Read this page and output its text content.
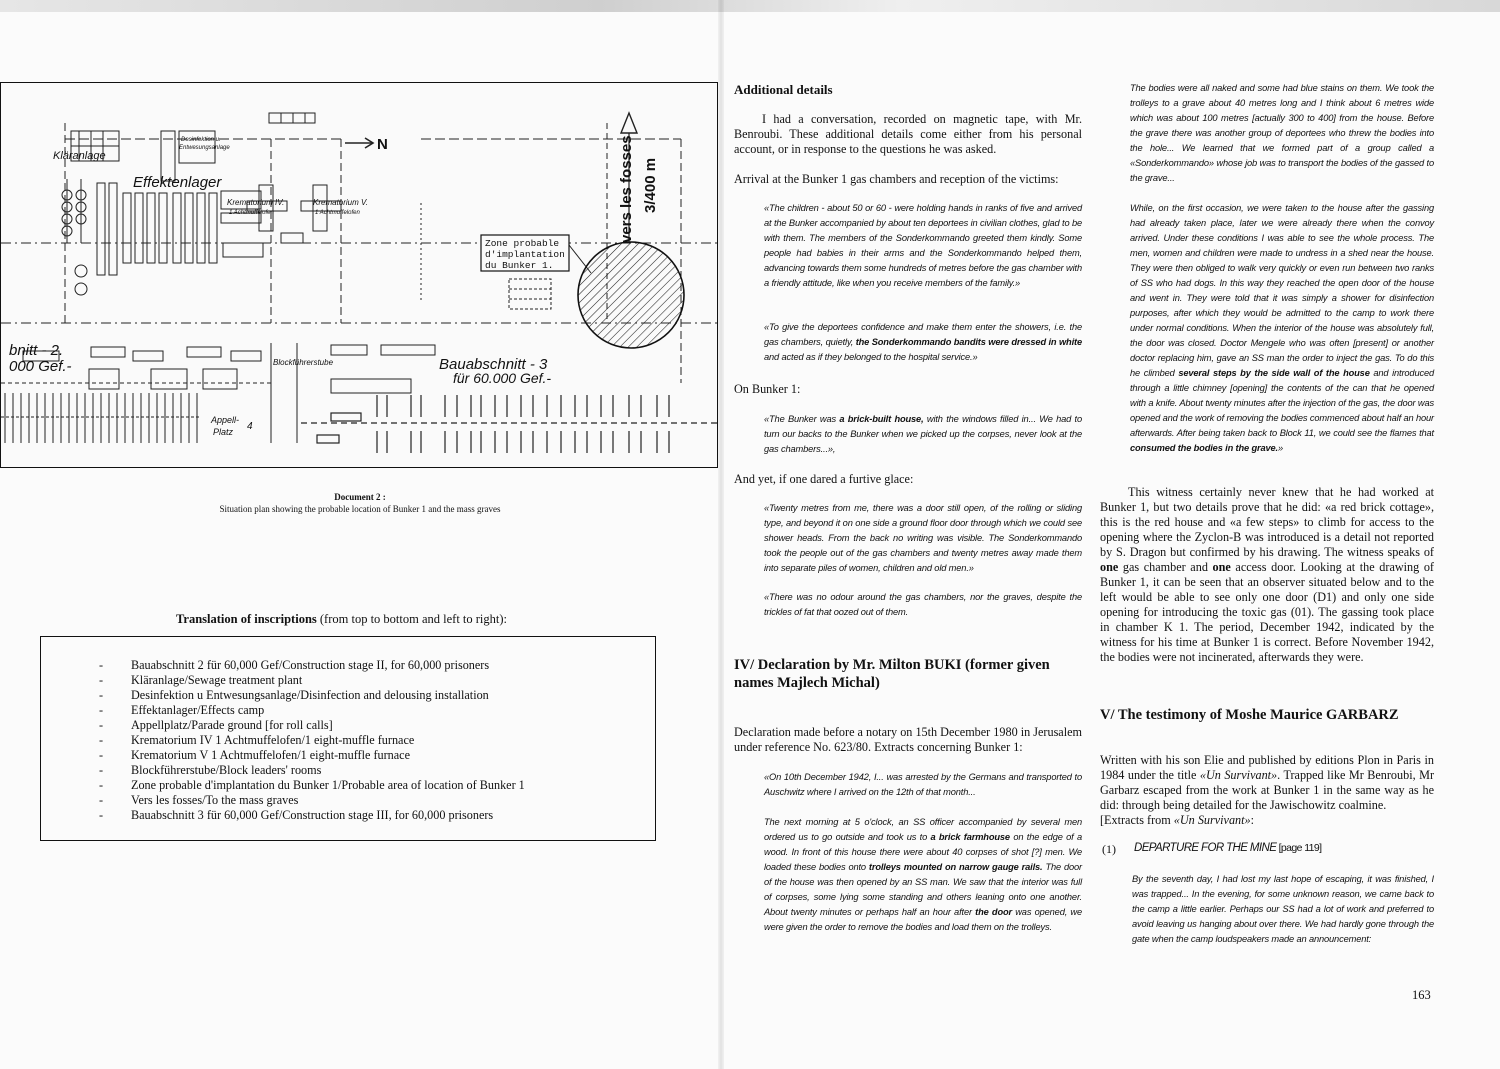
Kläranlage
Desinfektion u.
Entwesungsanlage
Effektenlager
Krematorium IV.
1 Achtmuffelofen
Krematorium V.
1 Achtmuffelofen
bnitt - 2.
000 Gef.-	Blockführerstube	Bauabschnitt - 3
für 60.000 Gef.-
Appell-
Platz 4
N	vers les fosses 3/400 m
Zone probable
d'implantation
du Bunker 1.
Document 2 :
Situation plan showing the probable location of Bunker 1 and the mass graves
Translation of inscriptions (from top to bottom and left to right):
- Bauabschnitt 2 für 60,000 Gef/Construction stage II, for 60,000 prisoners
- Kläranlage/Sewage treatment plant
- Desinfektion u Entwesungsanlage/Disinfection and delousing installation
- Effektanlager/Effects camp
- Appellplatz/Parade ground [for roll calls]
- Krematorium IV 1 Achtmuffelofen/1 eight-muffle furnace
- Krematorium V 1 Achtmuffelofen/1 eight-muffle furnace
- Blockführerstube/Block leaders' rooms
- Zone probable d'implantation du Bunker 1/Probable area of location of Bunker 1
- Vers les fosses/To the mass graves
- Bauabschnitt 3 für 60,000 Gef/Construction stage III, for 60,000 prisoners
Additional details
I had a conversation, recorded on magnetic tape, with Mr. Benroubi. These additional details come either from his personal account, or in response to the questions he was asked.
Arrival at the Bunker 1 gas chambers and reception of the victims:
«The children - about 50 or 60 - were holding hands in ranks of five and arrived at the Bunker accompanied by about ten deportees in civilian clothes, glad to be with them. The members of the Sonderkommando greeted them kindly. Some people had babies in their arms and the Sonderkommando helped them, advancing towards them some hundreds of metres before the gas chamber with a friendly attitude, like when you receive members of the family.»
«To give the deportees confidence and make them enter the showers, i.e. the gas chambers, quietly, the Sonderkommando bandits were dressed in white and acted as if they belonged to the hospital service.»
On Bunker 1:
«The Bunker was a brick-built house, with the windows filled in... We had to turn our backs to the Bunker when we picked up the corpses, never look at the gas chambers...»,
And yet, if one dared a furtive glace:
«Twenty metres from me, there was a door still open, of the rolling or sliding type, and beyond it on one side a ground floor door through which we could see shower heads. From the back no writing was visible. The Sonderkommando took the people out of the gas chambers and twenty metres away made them into separate piles of women, children and old men.»
«There was no odour around the gas chambers, nor the graves, despite the trickles of fat that oozed out of them.
IV/ Declaration by Mr. Milton BUKI (former given names Majlech Michal)
Declaration made before a notary on 15th December 1980 in Jerusalem under reference No. 623/80. Extracts concerning Bunker 1:
«On 10th December 1942, I... was arrested by the Germans and transported to Auschwitz where I arrived on the 12th of that month...
The next morning at 5 o'clock, an SS officer accompanied by several men ordered us to go outside and took us to a brick farmhouse on the edge of a wood. In front of this house there were about 40 corpses of shot [?] men. We loaded these bodies onto trolleys mounted on narrow gauge rails. The door of the house was then opened by an SS man. We saw that the interior was full of corpses, some lying some standing and others leaning onto one another. About twenty minutes or perhaps half an hour after the door was opened, we were given the order to remove the bodies and load them on the trolleys.
The bodies were all naked and some had blue stains on them. We took the trolleys to a grave about 40 metres long and I think about 6 metres wide which was about 100 metres [actually 300 to 400] from the house. Before the grave there was another group of deportees who threw the bodies into the hole... We learned that we formed part of a group called a «Sonderkommando» whose job was to transport the bodies of the gassed to the grave...
While, on the first occasion, we were taken to the house after the gassing had already taken place, later we were already there when the convoy arrived. Under these conditions I was able to see the whole process. The men, women and children were made to undress in a shed near the house. They were then obliged to walk very quickly or even run between two ranks of SS who had dogs. In this way they reached the open door of the house and went in. They were told that it was simply a shower for disinfection purposes, after which they would be admitted to the camp to work there under normal conditions. When the interior of the house was absolutely full, the door was closed. Doctor Mengele who was often [present] or another doctor replacing him, gave an SS man the order to inject the gas. To do this he climbed several steps by the side wall of the house and introduced through a little chimney [opening] the contents of the can that he opened with a knife. About twenty minutes after the injection of the gas, the door was opened and the work of removing the bodies commenced about half an hour afterwards. After being taken back to Block 11, we could see the flames that consumed the bodies in the grave.»
This witness certainly never knew that he had worked at Bunker 1, but two details prove that he did: «a red brick cottage», this is the red house and «a few steps» to climb for access to the opening where the Zyclon-B was introduced is a detail not reported by S. Dragon but confirmed by his drawing. The witness speaks of one gas chamber and one access door. Looking at the drawing of Bunker 1, it can be seen that an observer situated below and to the left would be able to see only one door (D1) and only one side opening for introducing the toxic gas (01). The gassing took place in chamber K 1. The period, December 1942, indicated by the witness for his time at Bunker 1 is correct. Before November 1942, the bodies were not incinerated, afterwards they were.
V/ The testimony of Moshe Maurice GARBARZ
Written with his son Elie and published by editions Plon in Paris in 1984 under the title «Un Survivant». Trapped like Mr Benroubi, Mr Garbarz escaped from the work at Bunker 1 in the same way as he did: through being detailed for the Jawischowitz coalmine.
[Extracts from «Un Survivant»:
(1) DEPARTURE FOR THE MINE [page 119]
By the seventh day, I had lost my last hope of escaping, it was finished, I was trapped... In the evening, for some unknown reason, we came back to the camp a little earlier. Perhaps our SS had a lot of work and preferred to avoid leaving us hanging about over there. We had hardly gone through the gate when the camp loudspeakers made an announcement:
163
